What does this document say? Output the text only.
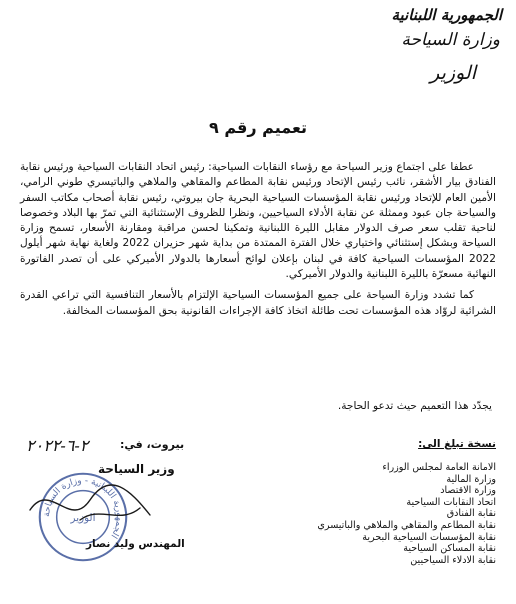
الجمهورية اللبنانية
وزارة السياحة
الوزير
تعميم رقم ٩

عطفا على اجتماع وزير السياحة مع رؤساء النقابات السياحية: رئيس اتحاد النقابات السياحية ورئيس نقابة الفنادق بيار الأشقر، نائب رئيس الإتحاد ورئيس نقابة المطاعم والمقاهي والملاهي والباتيسري طوني الرامي، الأمين العام للإتحاد ورئيس نقابة المؤسسات السياحية البحرية جان بيروتي، رئيس نقابة أصحاب مكاتب السفر والسياحة جان عبود وممثلة عن نقابة الأدلاء السياحيين، ونظرا للظروف الإستثنائية التي تمرّ بها البلاد وخصوصا لناحية تقلب سعر صرف الدولار مقابل الليرة اللبنانية وتمكينا لحسن مراقبة ومقارنة الأسعار، تسمح وزارة السياحة وبشكل إستثنائي واختياري خلال الفترة الممتدة من بداية شهر حزيران 2022 ولغاية نهاية شهر أيلول 2022 المؤسسات السياحية كافة في لبنان بإعلان لوائح أسعارها بالدولار الأميركي على أن تصدر الفاتورة النهائية مسعرّة بالليرة اللبنانية والدولار الأميركي.

كما تشدد وزارة السياحة على جميع المؤسسات السياحية الإلتزام بالأسعار التنافسية التي تراعي القدرة الشرائية لروّاد هذه المؤسسات تحت طائلة اتخاذ كافة الإجراءات القانونية بحق المؤسسات المخالفة.

يجدّد هذا التعميم حيث تدعو الحاجة.
بيروت، في:
٢-٦-٢٠٢٢
وزير السياحة
الجمهورية اللبنانية - وزارة السياحة
الوزير
المهندس وليد نصار
نسخة تبلغ الى:
الامانة العامة لمجلس الوزراء
وزارة المالية
وزارة الاقتصاد
اتحاد النقابات السياحية
نقابة الفنادق
نقابة المطاعم والمقاهي والملاهي والباتيسري
نقابة المؤسسات السياحية البحرية
نقابة المساكن السياحية
نقابة الادلاء السياحيين
